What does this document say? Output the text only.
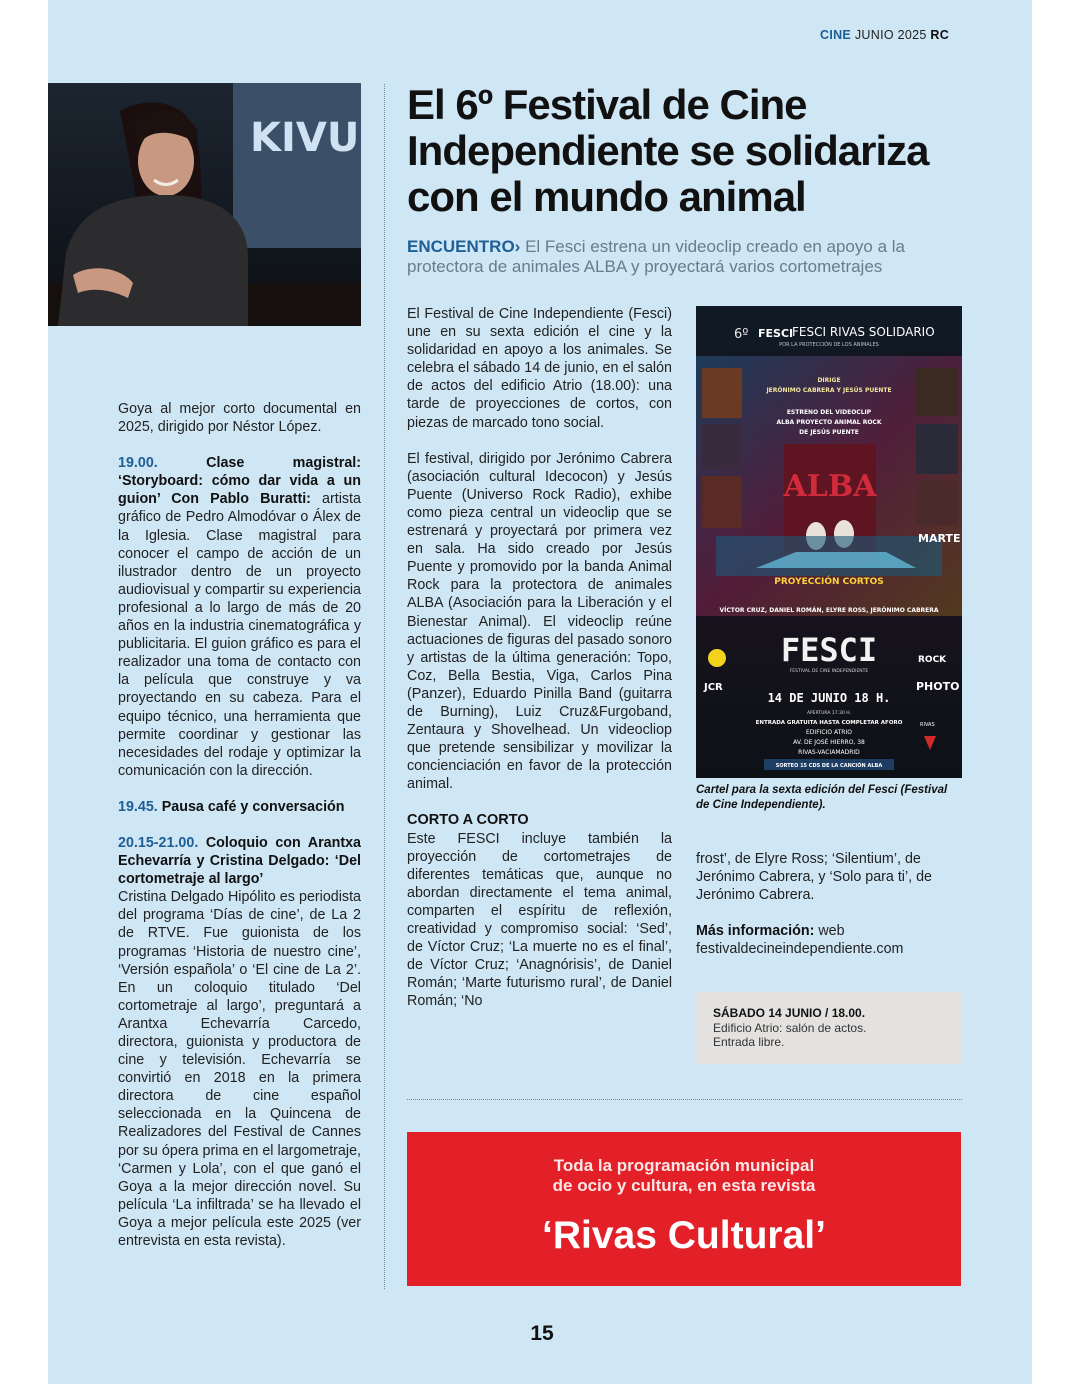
CINE JUNIO 2025 RC
KIVU
El 6º Festival de Cine Independiente se solidariza con el mundo animal

ENCUENTRO› El Fesci estrena un videoclip creado en apoyo a la protectora de animales ALBA y proyectará varios cortometrajes

Goya al mejor corto documental en 2025, dirigido por Néstor López.

19.00.	Clase magistral: ‘Storyboard: cómo dar vida a un guion’ Con Pablo Buratti: artista gráfico de Pedro Almodóvar o Álex de la Iglesia. Clase magistral para conocer el campo de acción de un ilustrador dentro de un proyecto audiovisual y compartir su experiencia profesional a lo largo de más de 20 años en la industria cinematográfica y publicitaria. El guion gráfico es para el realizador una toma de contacto con la película que construye y va proyectando en su cabeza. Para el equipo técnico, una herramienta que permite coordinar y gestionar las necesidades del rodaje y optimizar la comunicación con la dirección.

19.45. Pausa café y conversación

20.15-21.00. Coloquio con Arantxa Echevarría y Cristina Delgado: ‘Del cortometraje al largo’
Cristina Delgado Hipólito es periodista del programa ‘Días de cine’, de La 2 de RTVE. Fue guionista de los programas ‘Historia de nuestro cine’, ‘Versión española’ o ‘El cine de La 2’. En un coloquio titulado ‘Del cortometraje al largo’, preguntará a Arantxa Echevarría Carcedo, directora, guionista y productora de cine y televisión. Echevarría se convirtió en 2018 en la primera directora de cine español seleccionada en la Quincena de Realizadores del Festival de Cannes por su ópera prima en el largometraje, ‘Carmen y Lola’, con el que ganó el Goya a la mejor dirección novel. Su película ‘La infiltrada’ se ha llevado el Goya a mejor película este 2025 (ver entrevista en esta revista).

El Festival de Cine Independiente (Fesci) une en su sexta edición el cine y la solidaridad en apoyo a los animales. Se celebra el sábado 14 de junio, en el salón de actos del edificio Atrio (18.00): una tarde de proyecciones de cortos, con piezas de marcado tono social.

El festival, dirigido por Jerónimo Cabrera (asociación cultural Idecocon) y Jesús Puente (Universo Rock Radio), exhibe como pieza central un videoclip que se estrenará y proyectará por primera vez en sala. Ha sido creado por Jesús Puente y promovido por la banda Animal Rock para la protectora de animales ALBA (Asociación para la Liberación y el Bienestar Animal). El videoclip reúne actuaciones de figuras del pasado sonoro y artistas de la última generación: Topo, Coz, Bella Bestia, Viga, Carlos Pina (Panzer), Eduardo Pinilla Band (guitarra de Burning), Luiz Cruz&Furgoband, Zentaura y Shovelhead. Un videocliop que pretende sensibilizar y movilizar la concienciación en favor de la protección animal.

CORTO A CORTO

Este FESCI incluye también la proyección de cortometrajes de diferentes temáticas que, aunque no abordan directamente el tema animal, comparten el espíritu de reflexión, creatividad y compromiso social: ‘Sed’, de Víctor Cruz; ‘La muerte no es el final’, de Víctor Cruz; ‘Anagnórisis’, de Daniel Román; ‘Marte futurismo rural’, de Daniel Román; ‘No

6º FESCI
FESCI RIVAS SOLIDARIO
POR LA PROTECCIÓN DE LOS ANIMALES
DIRIGE
JERÓNIMO CABRERA Y JESÚS PUENTE
ESTRENO DEL VIDEOCLIP
ALBA PROYECTO ANIMAL ROCK
DE JESÚS PUENTE
ALBA
PROYECCIÓN CORTOS
VÍCTOR CRUZ, DANIEL ROMÁN, ELYRE ROSS, JERÓNIMO CABRERA
MARTE
FESCI
FESTIVAL DE CINE INDEPENDIENTE
JCR
ROCK
PHOTO
14 DE JUNIO 18 H.
APERTURA 17:30 H.
ENTRADA GRATUITA HASTA COMPLETAR AFORO
EDIFICIO ATRIO
AV. DE JOSÉ HIERRO, 38
RIVAS-VACIAMADRID
SORTEO 15 CDS DE LA CANCIÓN ALBA
RIVAS

Cartel para la sexta edición del Fesci (Festival de Cine Independiente).

frost’, de Elyre Ross; ‘Silentium’, de Jerónimo Cabrera, y ‘Solo para ti’, de Jerónimo Cabrera.

Más información: web festivaldecineindependiente.com

SÁBADO 14 JUNIO / 18.00.
Edificio Atrio: salón de actos.
Entrada libre.
Toda la programación municipal
de ocio y cultura, en esta revista
‘Rivas Cultural’
15
